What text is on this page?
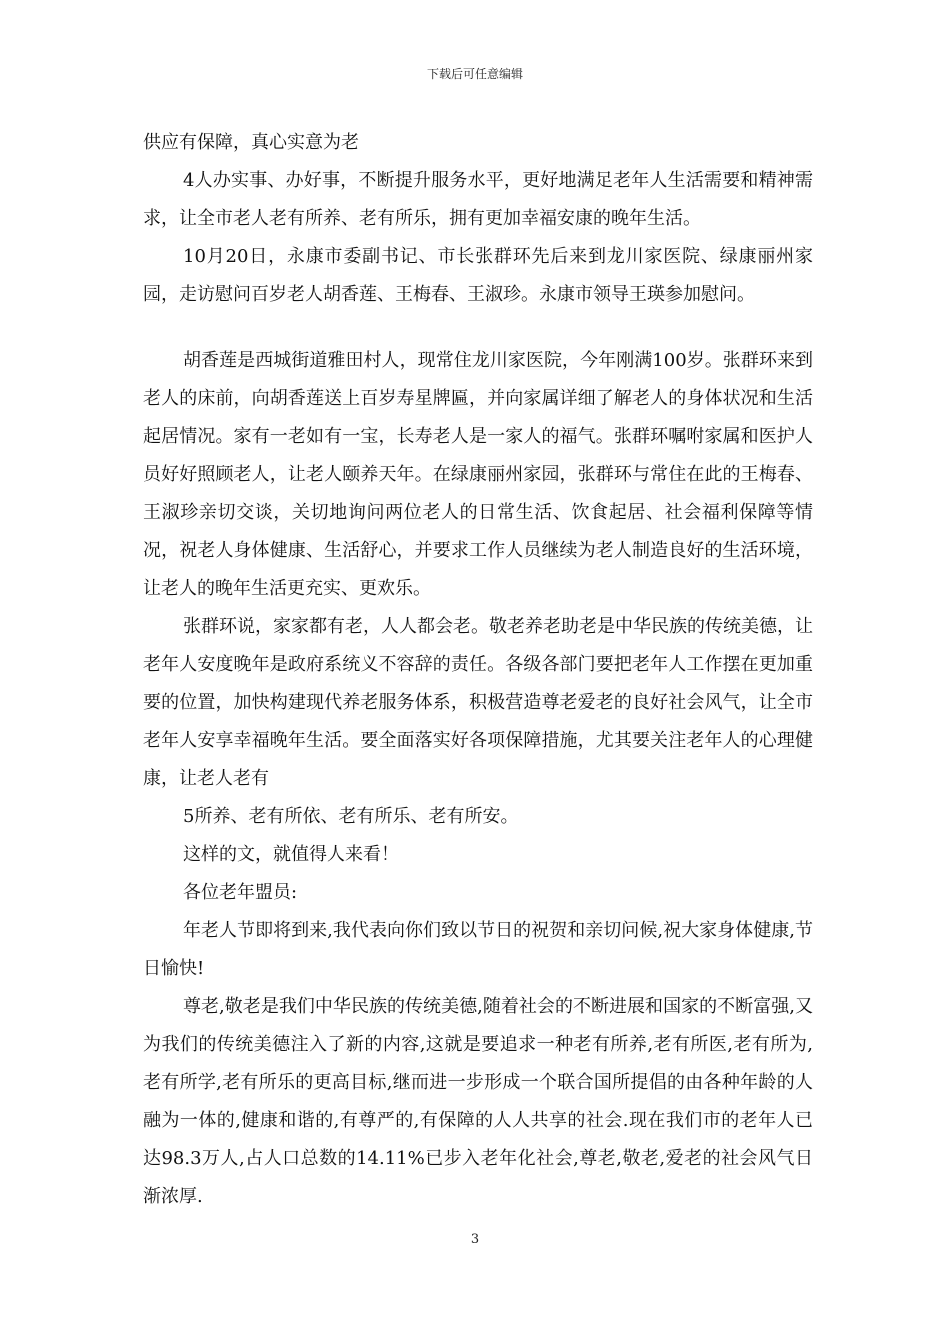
下载后可任意编辑

供应有保障，真心实意为老

4人办实事、办好事，不断提升服务水平，更好地满足老年人生活需要和精神需求，让全市老人老有所养、老有所乐，拥有更加幸福安康的晚年生活。

10月20日，永康市委副书记、市长张群环先后来到龙川家医院、绿康丽州家园，走访慰问百岁老人胡香莲、王梅春、王淑珍。永康市领导王瑛参加慰问。

胡香莲是西城街道雅田村人，现常住龙川家医院，今年刚满100岁。张群环来到老人的床前，向胡香莲送上百岁寿星牌匾，并向家属详细了解老人的身体状况和生活起居情况。家有一老如有一宝，长寿老人是一家人的福气。张群环嘱咐家属和医护人员好好照顾老人，让老人颐养天年。在绿康丽州家园，张群环与常住在此的王梅春、王淑珍亲切交谈，关切地询问两位老人的日常生活、饮食起居、社会福利保障等情况，祝老人身体健康、生活舒心，并要求工作人员继续为老人制造良好的生活环境，让老人的晚年生活更充实、更欢乐。

张群环说，家家都有老，人人都会老。敬老养老助老是中华民族的传统美德，让老年人安度晚年是政府系统义不容辞的责任。各级各部门要把老年人工作摆在更加重要的位置，加快构建现代养老服务体系，积极营造尊老爱老的良好社会风气，让全市老年人安享幸福晚年生活。要全面落实好各项保障措施，尤其要关注老年人的心理健康，让老人老有

5所养、老有所依、老有所乐、老有所安。

这样的文，就值得人来看！

各位老年盟员:

年老人节即将到来,我代表向你们致以节日的祝贺和亲切问候,祝大家身体健康,节日愉快!

尊老,敬老是我们中华民族的传统美德,随着社会的不断进展和国家的不断富强,又为我们的传统美德注入了新的内容,这就是要追求一种老有所养,老有所医,老有所为,老有所学,老有所乐的更高目标,继而进一步形成一个联合国所提倡的由各种年龄的人融为一体的,健康和谐的,有尊严的,有保障的人人共享的社会.现在我们市的老年人已达98.3万人,占人口总数的14.11%已步入老年化社会,尊老,敬老,爱老的社会风气日渐浓厚.

3
